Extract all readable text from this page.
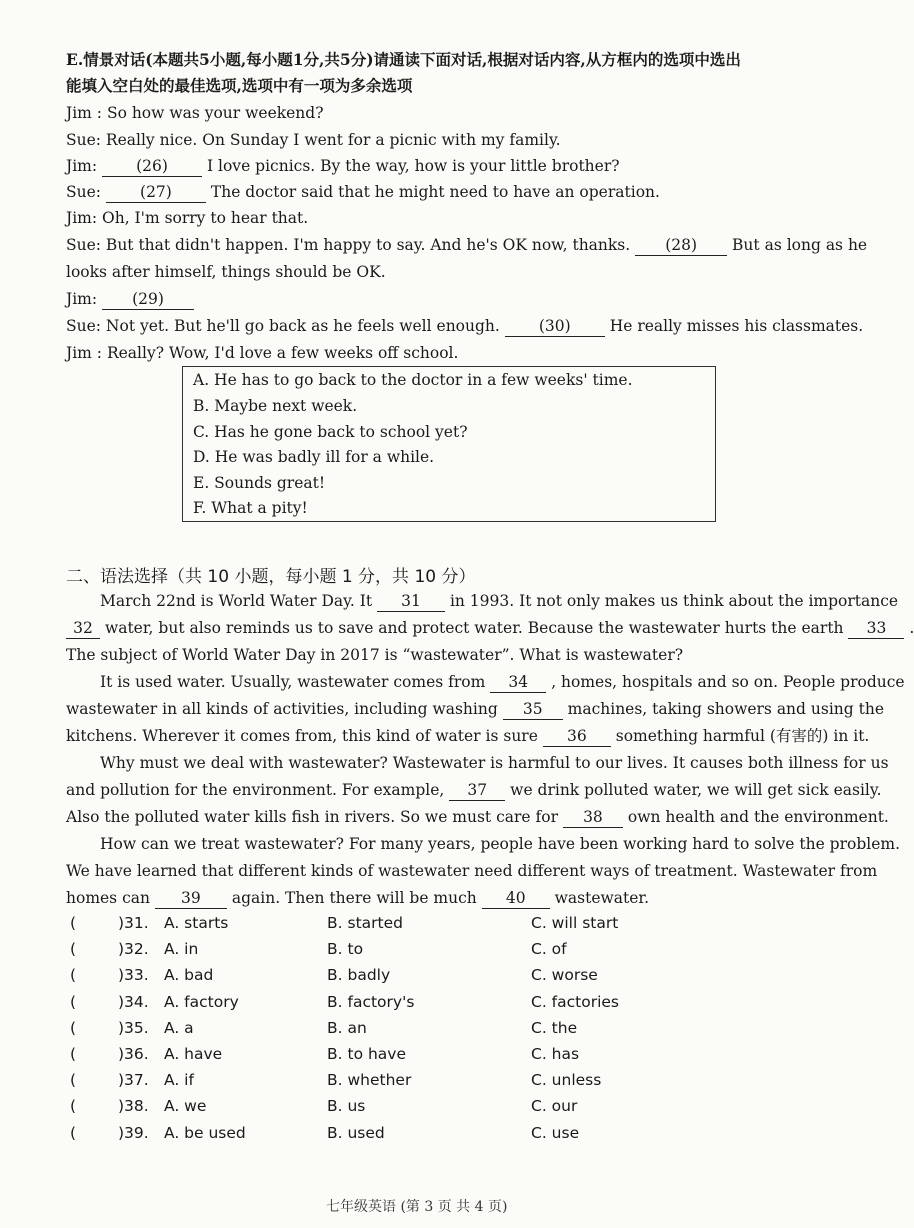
E.情景对话(本题共5小题,每小题1分,共5分)请通读下面对话,根据对话内容,从方框内的选项中选出
能填入空白处的最佳选项,选项中有一项为多余选项
Jim : So how was your weekend?
Sue: Really nice. On Sunday I went for a picnic with my family.
Jim: (26)	I love picnics. By the way, how is your little brother?
Sue: (27)	The doctor said that he might need to have an operation.
Jim: Oh, I'm sorry to hear that.
Sue: But that didn't happen. I'm happy to say. And he's OK now, thanks. (28) But as long as he
looks after himself, things should be OK.
Jim: (29)
Sue: Not yet. But he'll go back as he feels well enough. (30)	He really misses his classmates.
Jim : Really? Wow, I'd love a few weeks off school.
A. He has to go back to the doctor in a few weeks' time.
B. Maybe next week.
C. Has he gone back to school yet?
D. He was badly ill for a while.
E. Sounds great!
F. What a pity!
二、语法选择（共 10 小题，每小题 1 分，共 10 分）
March 22nd is World Water Day. It 31 in 1993. It not only makes us think about the importance
32 water, but also reminds us to save and protect water. Because the wastewater hurts the earth 33 .
The subject of World Water Day in 2017 is “wastewater”. What is wastewater?
It is used water. Usually, wastewater comes from 34 , homes, hospitals and so on. People produce
wastewater in all kinds of activities, including washing 35 machines, taking showers and using the
kitchens. Wherever it comes from, this kind of water is sure 36 something harmful (有害的) in it.
Why must we deal with wastewater? Wastewater is harmful to our lives. It causes both illness for us
and pollution for the environment. For example, 37 we drink polluted water, we will get sick easily.
Also the polluted water kills fish in rivers. So we must care for 38 own health and the environment.
How can we treat wastewater? For many years, people have been working hard to solve the problem.
We have learned that different kinds of wastewater need different ways of treatment. Wastewater from
homes can 39 again. Then there will be much 40 wastewater.
(	)31. A. starts	B. started	C. will start
(	)32. A. in	B. to	C. of
(	)33. A. bad	B. badly	C. worse
(	)34. A. factory	B. factory's	C. factories
(	)35. A. a	B. an	C. the
(	)36. A. have	B. to have	C. has
(	)37. A. if	B. whether	C. unless
(	)38. A. we	B. us	C. our
(	)39. A. be used	B. used	C. use
七年级英语 (第 3 页 共 4 页)
